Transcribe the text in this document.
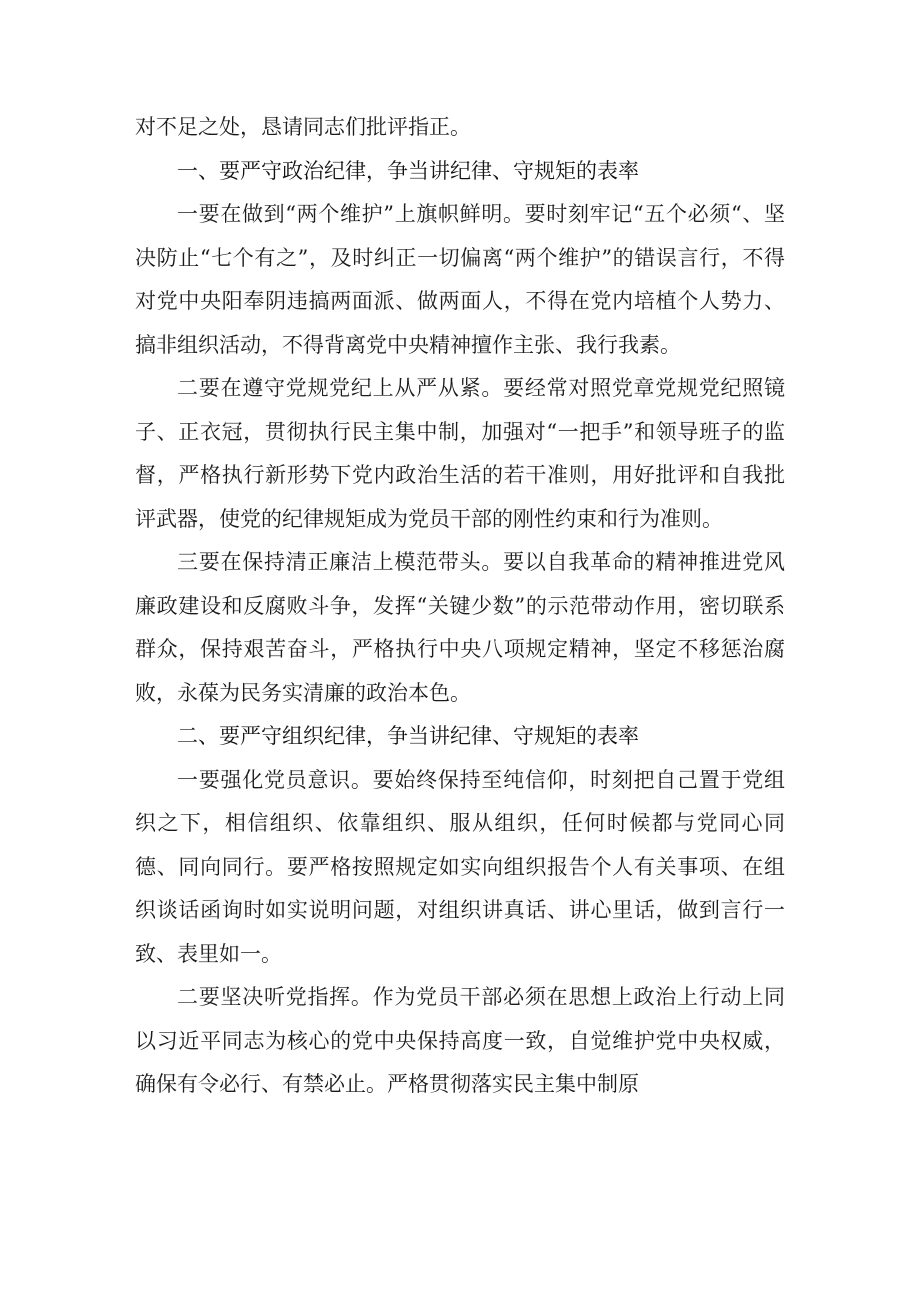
对不足之处，恳请同志们批评指正。

一、要严守政治纪律，争当讲纪律、守规矩的表率

一要在做到“两个维护”上旗帜鲜明。要时刻牢记“五个必须“、坚决防止“七个有之”，及时纠正一切偏离“两个维护”的错误言行，不得对党中央阳奉阴违搞两面派、做两面人，不得在党内培植个人势力、搞非组织活动，不得背离党中央精神擅作主张、我行我素。

二要在遵守党规党纪上从严从紧。要经常对照党章党规党纪照镜子、正衣冠，贯彻执行民主集中制，加强对“一把手”和领导班子的监督，严格执行新形势下党内政治生活的若干准则，用好批评和自我批评武器，使党的纪律规矩成为党员干部的刚性约束和行为准则。

三要在保持清正廉洁上模范带头。要以自我革命的精神推进党风廉政建设和反腐败斗争，发挥“关键少数”的示范带动作用，密切联系群众，保持艰苦奋斗，严格执行中央八项规定精神，坚定不移惩治腐败，永葆为民务实清廉的政治本色。

二、要严守组织纪律，争当讲纪律、守规矩的表率

一要强化党员意识。要始终保持至纯信仰，时刻把自己置于党组织之下，相信组织、依靠组织、服从组织，任何时候都与党同心同德、同向同行。要严格按照规定如实向组织报告个人有关事项、在组织谈话函询时如实说明问题，对组织讲真话、讲心里话，做到言行一致、表里如一。

二要坚决听党指挥。作为党员干部必须在思想上政治上行动上同以习近平同志为核心的党中央保持高度一致，自觉维护党中央权威，确保有令必行、有禁必止。严格贯彻落实民主集中制原
